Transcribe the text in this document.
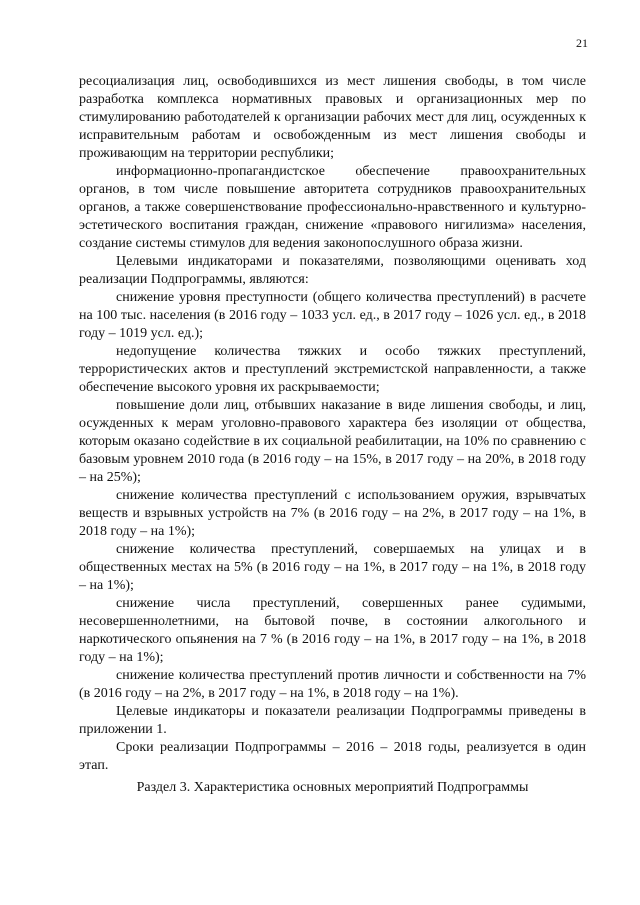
21

ресоциализация лиц, освободившихся из мест лишения свободы, в том числе разработка комплекса нормативных правовых и организационных мер по стимулированию работодателей к организации рабочих мест для лиц, осужденных к исправительным работам и освобожденным из мест лишения свободы и проживающим на территории республики;

информационно-пропагандистское обеспечение правоохранительных органов, в том числе повышение авторитета сотрудников правоохранительных органов, а также совершенствование профессионально-нравственного и культурно-эстетического воспитания граждан, снижение «правового нигилизма» населения, создание системы стимулов для ведения законопослушного образа жизни.

Целевыми индикаторами и показателями, позволяющими оценивать ход реализации Подпрограммы, являются:

снижение уровня преступности (общего количества преступлений) в расчете на 100 тыс. населения (в 2016 году – 1033 усл. ед., в 2017 году – 1026 усл. ед., в 2018 году – 1019 усл. ед.);

недопущение количества тяжких и особо тяжких преступлений, террористических актов и преступлений экстремистской направленности, а также обеспечение высокого уровня их раскрываемости;

повышение доли лиц, отбывших наказание в виде лишения свободы, и лиц, осужденных к мерам уголовно-правового характера без изоляции от общества, которым оказано содействие в их социальной реабилитации, на 10% по сравнению с базовым уровнем 2010 года (в 2016 году – на 15%, в 2017 году – на 20%, в 2018 году – на 25%);

снижение количества преступлений с использованием оружия, взрывчатых веществ и взрывных устройств на 7% (в 2016 году – на 2%, в 2017 году – на 1%, в 2018 году – на 1%);

снижение количества преступлений, совершаемых на улицах и в общественных местах на 5% (в 2016 году – на 1%, в 2017 году – на 1%, в 2018 году – на 1%);

снижение числа преступлений, совершенных ранее судимыми, несовершеннолетними, на бытовой почве, в состоянии алкогольного и наркотического опьянения на 7 % (в 2016 году – на 1%, в 2017 году – на 1%, в 2018 году – на 1%);

снижение количества преступлений против личности и собственности на 7% (в 2016 году – на 2%, в 2017 году – на 1%, в 2018 году – на 1%).

Целевые индикаторы и показатели реализации Подпрограммы приведены в приложении 1.

Сроки реализации Подпрограммы – 2016 – 2018 годы, реализуется в один этап.

Раздел 3. Характеристика основных мероприятий Подпрограммы
